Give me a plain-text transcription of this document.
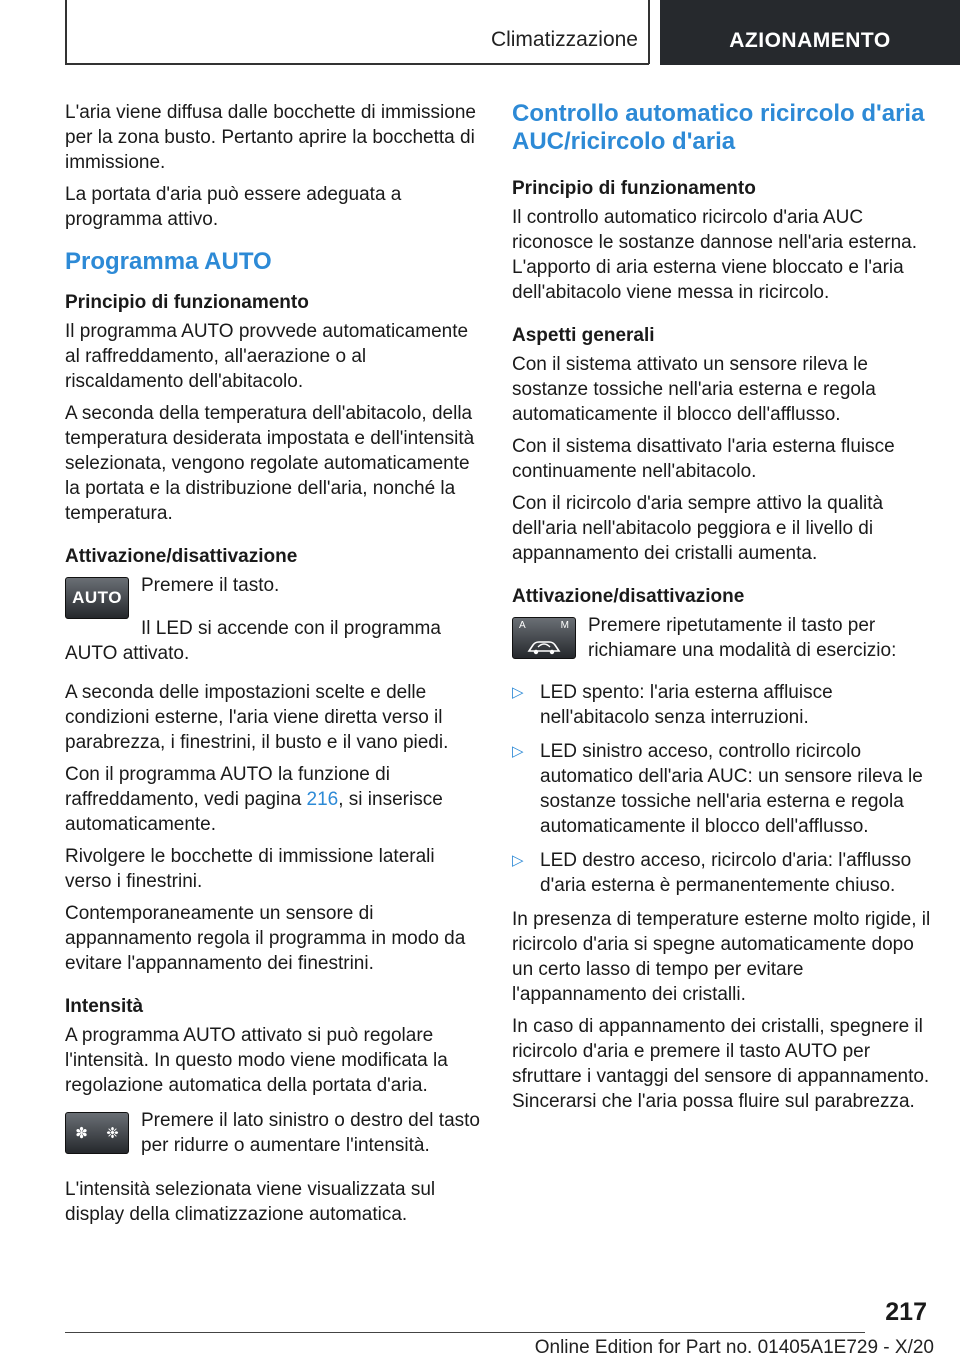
Climatizzazione	AZIONAMENTO

L'aria viene diffusa dalle bocchette di immissione per la zona busto. Pertanto aprire la bocchetta di immissione.

La portata d'aria può essere adeguata a programma attivo.

Programma AUTO
Principio di funzionamento

Il programma AUTO provvede automaticamente al raffreddamento, all'aerazione o al riscaldamento dell'abitacolo.

A seconda della temperatura dell'abitacolo, della temperatura desiderata impostata e dell'intensità selezionata, vengono regolate automaticamente la portata e la distribuzione dell'aria, nonché la temperatura.

Attivazione/disattivazione
AUTO

Premere il tasto.

Il LED si accende con il programma AUTO attivato.

A seconda delle impostazioni scelte e delle condizioni esterne, l'aria viene diretta verso il parabrezza, i finestrini, il busto e il vano piedi.

Con il programma AUTO la funzione di raffreddamento, vedi pagina 216, si inserisce automaticamente.

Rivolgere le bocchette di immissione laterali verso i finestrini.

Contemporaneamente un sensore di appannamento regola il programma in modo da evitare l'appannamento dei finestrini.

Intensità

A programma AUTO attivato si può regolare l'intensità. In questo modo viene modificata la regolazione automatica della portata d'aria.

✽ ❉

Premere il lato sinistro o destro del tasto per ridurre o aumentare l'intensità.

L'intensità selezionata viene visualizzata sul display della climatizzazione automatica.

Controllo automatico ricircolo d'aria AUC/ricircolo d'aria
Principio di funzionamento

Il controllo automatico ricircolo d'aria AUC riconosce le sostanze dannose nell'aria esterna.

L'apporto di aria esterna viene bloccato e l'aria dell'abitacolo viene messa in ricircolo.

Aspetti generali

Con il sistema attivato un sensore rileva le sostanze tossiche nell'aria esterna e regola automaticamente il blocco dell'afflusso.

Con il sistema disattivato l'aria esterna fluisce continuamente nell'abitacolo.

Con il ricircolo d'aria sempre attivo la qualità dell'aria nell'abitacolo peggiora e il livello di appannamento dei cristalli aumenta.

Attivazione/disattivazione
A	M Premere ripetutamente il tasto per richiamare una modalità di esercizio:

▷ LED spento: l'aria esterna affluisce nell'abitacolo senza interruzioni.
▷ LED sinistro acceso, controllo ricircolo automatico dell'aria AUC: un sensore rileva le sostanze tossiche nell'aria esterna e regola automaticamente il blocco dell'afflusso.
▷ LED destro acceso, ricircolo d'aria: l'afflusso d'aria esterna è permanentemente chiuso.

In presenza di temperature esterne molto rigide, il ricircolo d'aria si spegne automaticamente dopo un certo lasso di tempo per evitare l'appannamento dei cristalli.

In caso di appannamento dei cristalli, spegnere il ricircolo d'aria e premere il tasto AUTO per sfruttare i vantaggi del sensore di appannamento. Sincerarsi che l'aria possa fluire sul parabrezza.

217
Online Edition for Part no. 01405A1E729 - X/20
